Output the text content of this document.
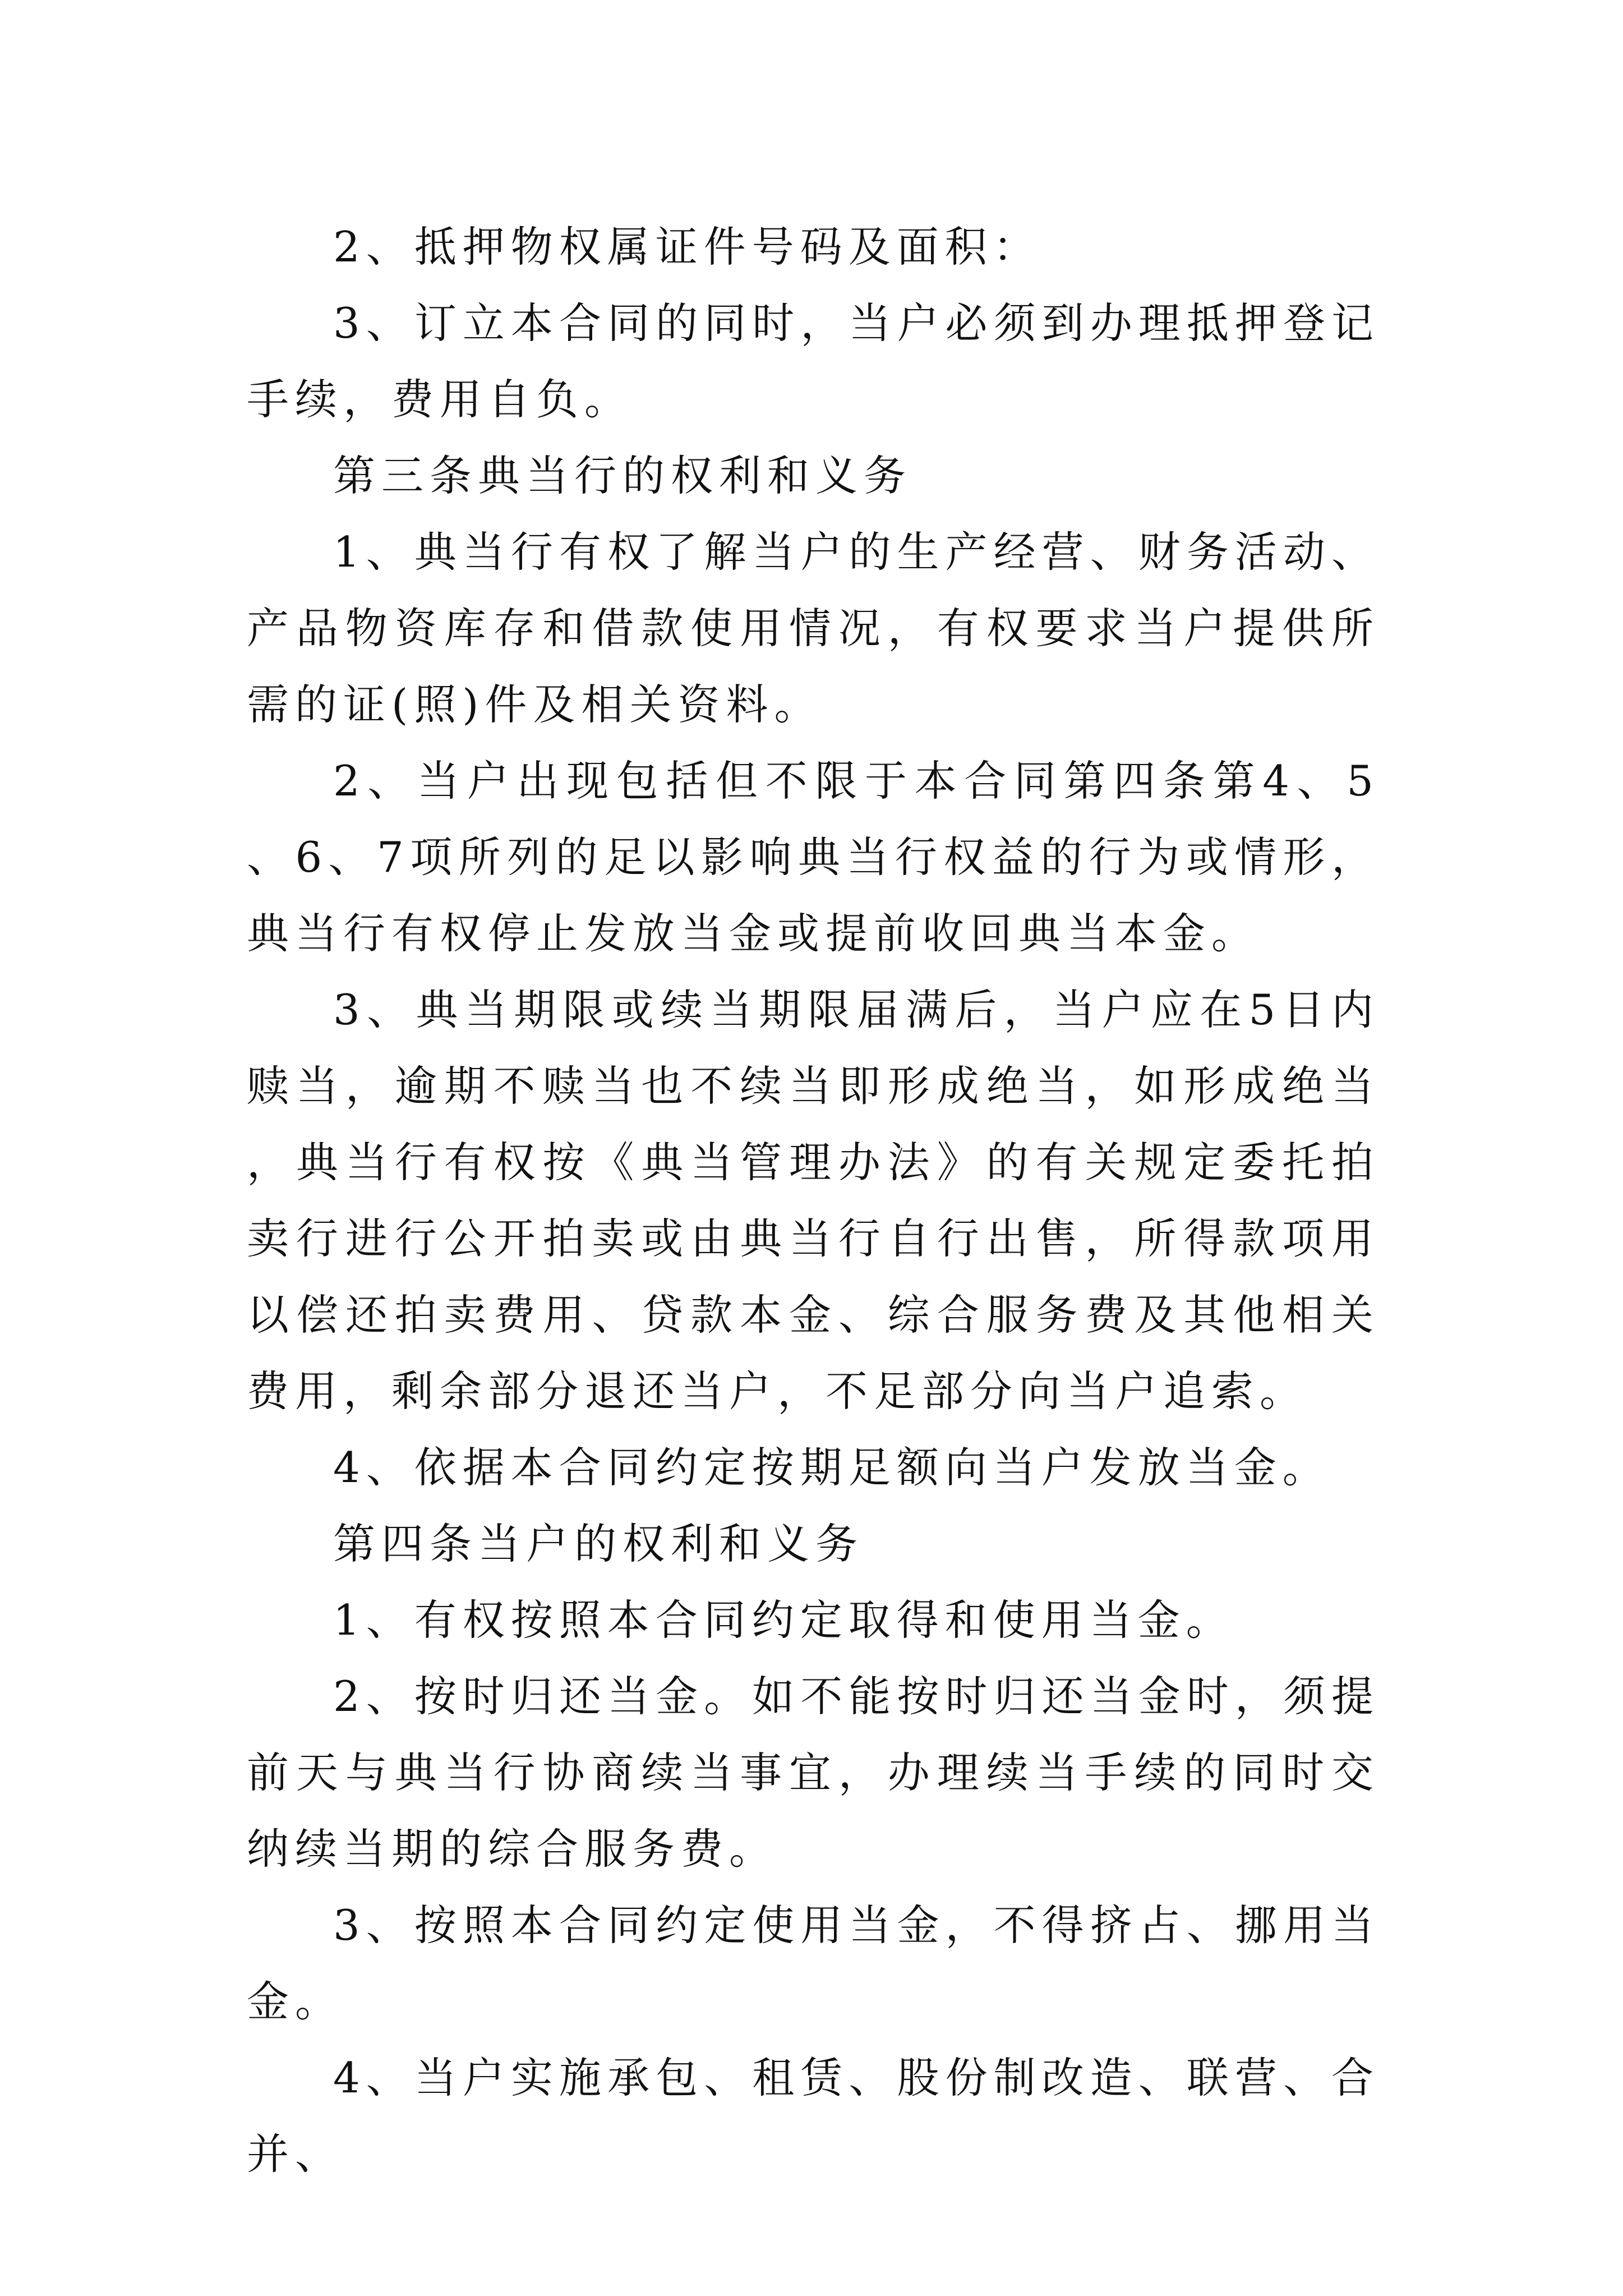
2、抵押物权属证件号码及面积：

3、订立本合同的同时，当户必须到办理抵押登记手续，费用自负。

第三条典当行的权利和义务

1、典当行有权了解当户的生产经营、财务活动、产品物资库存和借款使用情况，有权要求当户提供所需的证(照)件及相关资料。

2、当户出现包括但不限于本合同第四条第4、5、6、7项所列的足以影响典当行权益的行为或情形，典当行有权停止发放当金或提前收回典当本金。

3、典当期限或续当期限届满后，当户应在5日内赎当，逾期不赎当也不续当即形成绝当，如形成绝当，典当行有权按《典当管理办法》的有关规定委托拍卖行进行公开拍卖或由典当行自行出售，所得款项用以偿还拍卖费用、贷款本金、综合服务费及其他相关费用，剩余部分退还当户，不足部分向当户追索。

4、依据本合同约定按期足额向当户发放当金。

第四条当户的权利和义务

1、有权按照本合同约定取得和使用当金。

2、按时归还当金。如不能按时归还当金时，须提前天与典当行协商续当事宜，办理续当手续的同时交纳续当期的综合服务费。

3、按照本合同约定使用当金，不得挤占、挪用当金。

4、当户实施承包、租赁、股份制改造、联营、合并、
